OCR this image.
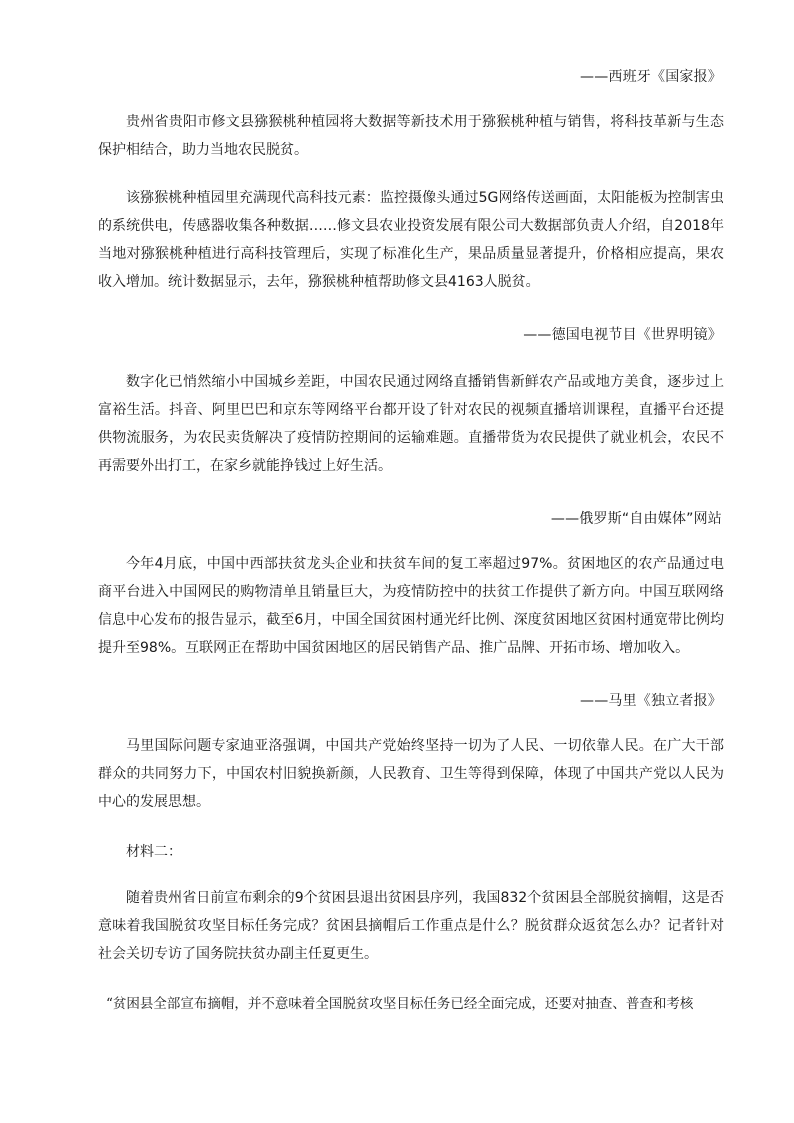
——西班牙《国家报》

贵州省贵阳市修文县猕猴桃种植园将大数据等新技术用于猕猴桃种植与销售，将科技革新与生态保护相结合，助力当地农民脱贫。

该猕猴桃种植园里充满现代高科技元素：监控摄像头通过5G网络传送画面，太阳能板为控制害虫的系统供电，传感器收集各种数据……修文县农业投资发展有限公司大数据部负责人介绍，自2018年当地对猕猴桃种植进行高科技管理后，实现了标准化生产，果品质量显著提升，价格相应提高，果农收入增加。统计数据显示，去年，猕猴桃种植帮助修文县4163人脱贫。

——德国电视节目《世界明镜》

数字化已悄然缩小中国城乡差距，中国农民通过网络直播销售新鲜农产品或地方美食，逐步过上富裕生活。抖音、阿里巴巴和京东等网络平台都开设了针对农民的视频直播培训课程，直播平台还提供物流服务，为农民卖货解决了疫情防控期间的运输难题。直播带货为农民提供了就业机会，农民不再需要外出打工，在家乡就能挣钱过上好生活。

——俄罗斯“自由媒体”网站

今年4月底，中国中西部扶贫龙头企业和扶贫车间的复工率超过97%。贫困地区的农产品通过电商平台进入中国网民的购物清单且销量巨大，为疫情防控中的扶贫工作提供了新方向。中国互联网络信息中心发布的报告显示，截至6月，中国全国贫困村通光纤比例、深度贫困地区贫困村通宽带比例均提升至98%。互联网正在帮助中国贫困地区的居民销售产品、推广品牌、开拓市场、增加收入。

——马里《独立者报》

马里国际问题专家迪亚洛强调，中国共产党始终坚持一切为了人民、一切依靠人民。在广大干部群众的共同努力下，中国农村旧貌换新颜，人民教育、卫生等得到保障，体现了中国共产党以人民为中心的发展思想。

材料二：

随着贵州省日前宣布剩余的9个贫困县退出贫困县序列，我国832个贫困县全部脱贫摘帽，这是否意味着我国脱贫攻坚目标任务完成？贫困县摘帽后工作重点是什么？脱贫群众返贫怎么办？记者针对社会关切专访了国务院扶贫办副主任夏更生。

“贫困县全部宣布摘帽，并不意味着全国脱贫攻坚目标任务已经全面完成，还要对抽查、普查和考核
